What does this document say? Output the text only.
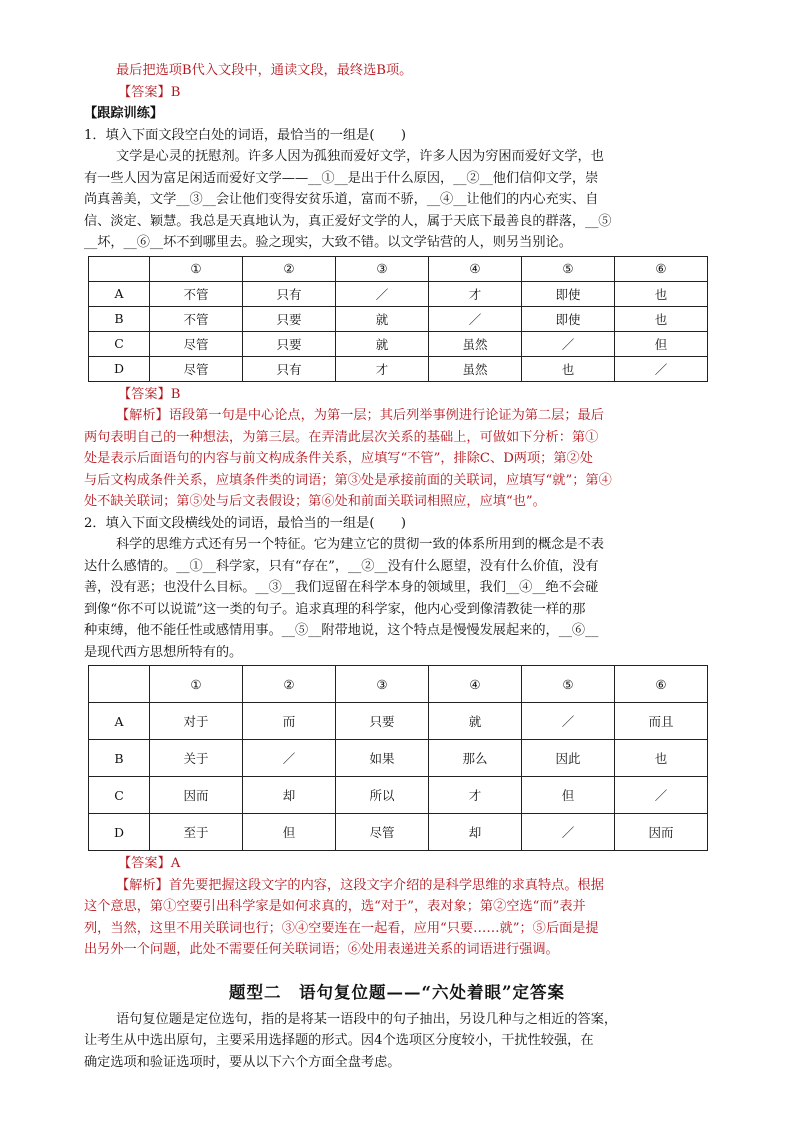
最后把选项B代入文段中，通读文段，最终选B项。
【答案】B
【跟踪训练】
1．填入下面文段空白处的词语，最恰当的一组是(　　)
文学是心灵的抚慰剂。许多人因为孤独而爱好文学，许多人因为穷困而爱好文学，也
有一些人因为富足闲适而爱好文学——__①__是出于什么原因，__②__他们信仰文学，崇
尚真善美，文学__③__会让他们变得安贫乐道，富而不骄，__④__让他们的内心充实、自
信、淡定、颖慧。我总是天真地认为，真正爱好文学的人，属于天底下最善良的群落，__⑤
__坏，__⑥__坏不到哪里去。验之现实，大致不错。以文学钻营的人，则另当别论。
	①	②	③	④	⑤	⑥
A	不管	只有	／	才	即使	也
B	不管	只要	就	／	即使	也
C	尽管	只要	就	虽然	／	但
D	尽管	只有	才	虽然	也	／
【答案】B
【解析】语段第一句是中心论点，为第一层；其后列举事例进行论证为第二层；最后
两句表明自己的一种想法，为第三层。在弄清此层次关系的基础上，可做如下分析：第①
处是表示后面语句的内容与前文构成条件关系，应填写“不管”，排除C、D两项；第②处
与后文构成条件关系，应填条件类的词语；第③处是承接前面的关联词，应填写“就”；第④
处不缺关联词；第⑤处与后文表假设；第⑥处和前面关联词相照应，应填“也”。
2．填入下面文段横线处的词语，最恰当的一组是(　　)
科学的思维方式还有另一个特征。它为建立它的贯彻一致的体系所用到的概念是不表
达什么感情的。__①__科学家，只有“存在”，__②__没有什么愿望，没有什么价值，没有
善，没有恶；也没什么目标。__③__我们逗留在科学本身的领域里，我们__④__绝不会碰
到像“你不可以说谎”这一类的句子。追求真理的科学家，他内心受到像清教徒一样的那
种束缚，他不能任性或感情用事。__⑤__附带地说，这个特点是慢慢发展起来的，__⑥__
是现代西方思想所特有的。
	①	②	③	④	⑤	⑥
A	对于	而	只要	就	／	而且
B	关于	／	如果	那么	因此	也
C	因而	却	所以	才	但	／
D	至于	但	尽管	却	／	因而
【答案】A
【解析】首先要把握这段文字的内容，这段文字介绍的是科学思维的求真特点。根据
这个意思，第①空要引出科学家是如何求真的，选“对于”，表对象；第②空选“而”表并
列，当然，这里不用关联词也行；③④空要连在一起看，应用“只要……就”；⑤后面是提
出另外一个问题，此处不需要任何关联词语；⑥处用表递进关系的词语进行强调。
题型二　语句复位题——“六处着眼”定答案
语句复位题是定位选句，指的是将某一语段中的句子抽出，另设几种与之相近的答案，
让考生从中选出原句，主要采用选择题的形式。因4个选项区分度较小，干扰性较强，在
确定选项和验证选项时，要从以下六个方面全盘考虑。
